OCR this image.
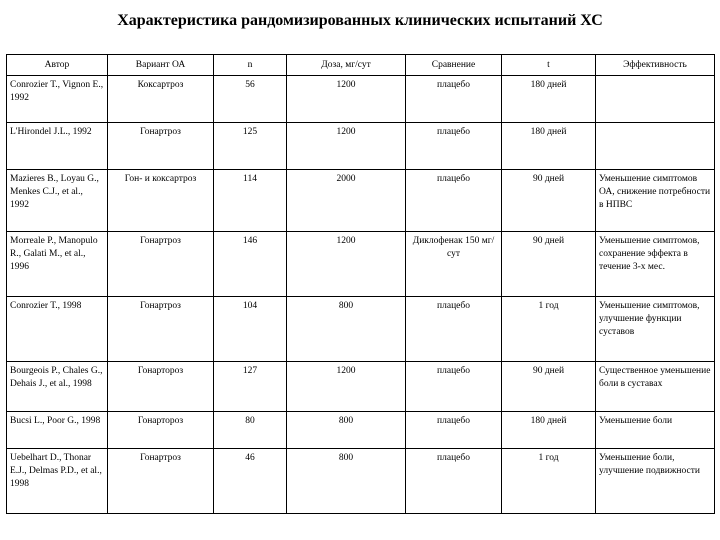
Характеристика рандомизированных клинических испытаний ХС
Автор	Вариант ОА	n	Доза, мг/сут	Сравнение	t	Эффективность
Conrozier T., Vignon E., 1992	Коксартроз	56	1200	плацебо	180 дней	
L'Hirondel J.L., 1992	Гонартроз	125	1200	плацебо	180 дней	
Mazieres B., Loyau G., Menkes C.J., et al., 1992	Гон- и коксартроз	114	2000	плацебо	90 дней	Уменьшение симптомов ОА, снижение потребности в НПВС
Morreale P., Manopulo R., Galati M., et al., 1996	Гонартроз	146	1200	Диклофенак 150 мг/сут	90 дней	Уменьшение симптомов, сохранение эффекта в течение 3-х мес.
Conrozier T., 1998	Гонартроз	104	800	плацебо	1 год	Уменьшение симптомов, улучшение функции суставов
Bourgeois P., Chales G., Dehais J., et al., 1998	Гонартороз	127	1200	плацебо	90 дней	Существенное уменьшение боли в суставах
Bucsi L., Poor G., 1998	Гонартороз	80	800	плацебо	180 дней	Уменьшение боли
Uebelhart D., Thonar E.J., Delmas P.D., et al., 1998	Гонартроз	46	800	плацебо	1 год	Уменьшение боли, улучшение подвижности
